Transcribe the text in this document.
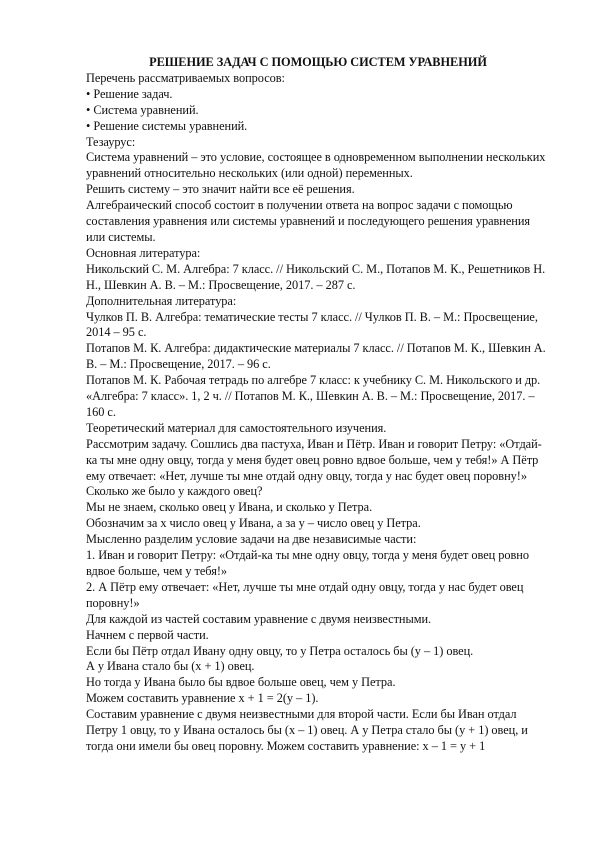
РЕШЕНИЕ ЗАДАЧ С ПОМОЩЬЮ СИСТЕМ УРАВНЕНИЙ

Перечень рассматриваемых вопросов:

• Решение задач.

• Система уравнений.

• Решение системы уравнений.

Тезаурус:

Система уравнений – это условие, состоящее в одновременном выполнении нескольких уравнений относительно нескольких (или одной) переменных.

Решить систему – это значит найти все её решения.

Алгебраический способ состоит в получении ответа на вопрос задачи с помощью составления уравнения или системы уравнений и последующего решения уравнения или системы.

Основная литература:

Никольский С. М. Алгебра: 7 класс. // Никольский С. М., Потапов М. К., Решетников Н. Н., Шевкин А. В. – М.: Просвещение, 2017. – 287 с.

Дополнительная литература:

Чулков П. В. Алгебра: тематические тесты 7 класс. // Чулков П. В. – М.: Просвещение, 2014 – 95 с.

Потапов М. К. Алгебра: дидактические материалы 7 класс. // Потапов М. К., Шевкин А. В. – М.: Просвещение, 2017. – 96 с.

Потапов М. К. Рабочая тетрадь по алгебре 7 класс: к учебнику С. М. Никольского и др. «Алгебра: 7 класс». 1, 2 ч. // Потапов М. К., Шевкин А. В. – М.: Просвещение, 2017. – 160 с.

Теоретический материал для самостоятельного изучения.

Рассмотрим задачу. Сошлись два пастуха, Иван и Пётр. Иван и говорит Петру: «Отдай-ка ты мне одну овцу, тогда у меня будет овец ровно вдвое больше, чем у тебя!» А Пётр ему отвечает: «Нет, лучше ты мне отдай одну овцу, тогда у нас будет овец поровну!» Сколько же было у каждого овец?

Мы не знаем, сколько овец у Ивана, и сколько у Петра.

Обозначим за x число овец у Ивана, а за y – число овец у Петра.

Мысленно разделим условие задачи на две независимые части:

1. Иван и говорит Петру: «Отдай-ка ты мне одну овцу, тогда у меня будет овец ровно вдвое больше, чем у тебя!»

2. А Пётр ему отвечает: «Нет, лучше ты мне отдай одну овцу, тогда у нас будет овец поровну!»

Для каждой из частей составим уравнение с двумя неизвестными.

Начнем с первой части.

Если бы Пётр отдал Ивану одну овцу, то у Петра осталось бы (y – 1) овец.

А у Ивана стало бы (x + 1) овец.

Но тогда у Ивана было бы вдвое больше овец, чем у Петра.

Можем составить уравнение x + 1 = 2(y – 1).

Составим уравнение с двумя неизвестными для второй части. Если бы Иван отдал Петру 1 овцу, то у Ивана осталось бы (x – 1) овец. А у Петра стало бы (y + 1) овец, и тогда они имели бы овец поровну. Можем составить уравнение: x – 1 = y + 1
